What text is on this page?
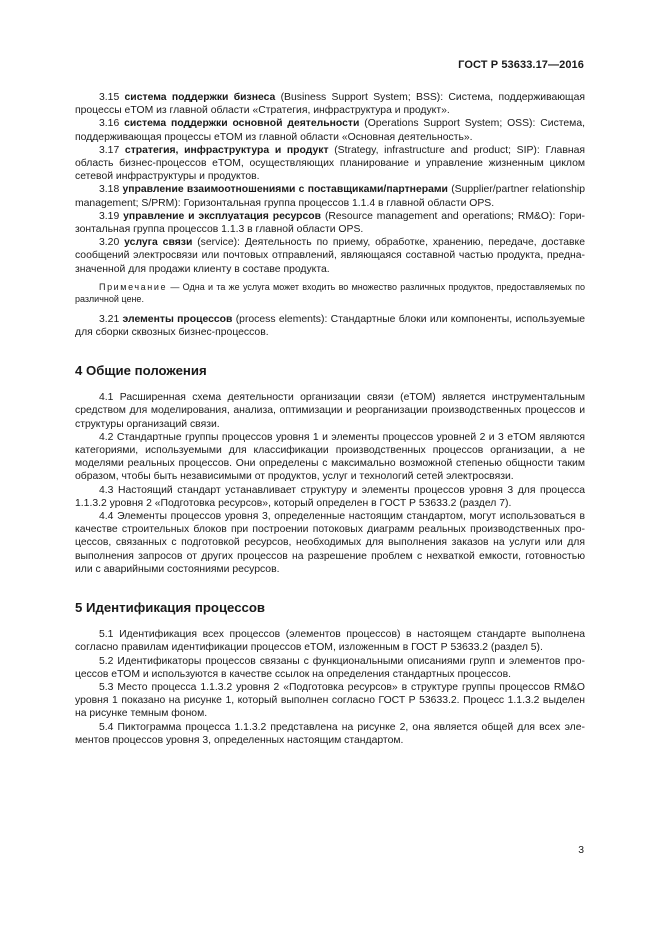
ГОСТ Р 53633.17—2016

3.15 система поддержки бизнеса (Business Support System; BSS): Система, поддерживающая процессы eTOM из главной области «Стратегия, инфраструктура и продукт».

3.16 система поддержки основной деятельности (Operations Support System; OSS): Система, поддерживающая процессы eTOM из главной области «Основная деятельность».

3.17 стратегия, инфраструктура и продукт (Strategy, infrastructure and product; SIP): Главная область бизнес-процессов eTOM, осуществляющих планирование и управление жизненным циклом сетевой инфраструктуры и продуктов.

3.18 управление взаимоотношениями с поставщиками/партнерами (Supplier/partner relationship management; S/PRM): Горизонтальная группа процессов 1.1.4 в главной области OPS.

3.19 управление и эксплуатация ресурсов (Resource management and operations; RM&O): Горизонтальная группа процессов 1.1.3 в главной области OPS.

3.20 услуга связи (service): Деятельность по приему, обработке, хранению, передаче, доставке сообщений электросвязи или почтовых отправлений, являющаяся составной частью продукта, предназначенной для продажи клиенту в составе продукта.

Примечание — Одна и та же услуга может входить во множество различных продуктов, предоставляемых по различной цене.

3.21 элементы процессов (process elements): Стандартные блоки или компоненты, используемые для сборки сквозных бизнес-процессов.

4 Общие положения

4.1 Расширенная схема деятельности организации связи (eTOM) является инструментальным средством для моделирования, анализа, оптимизации и реорганизации производственных процессов и структуры организаций связи.

4.2 Стандартные группы процессов уровня 1 и элементы процессов уровней 2 и 3 eTOM являются категориями, используемыми для классификации производственных процессов организации, а не моделями реальных процессов. Они определены с максимально возможной степенью общности таким образом, чтобы быть независимыми от продуктов, услуг и технологий сетей электросвязи.

4.3 Настоящий стандарт устанавливает структуру и элементы процессов уровня 3 для процесса 1.1.3.2 уровня 2 «Подготовка ресурсов», который определен в ГОСТ Р 53633.2 (раздел 7).

4.4 Элементы процессов уровня 3, определенные настоящим стандартом, могут использоваться в качестве строительных блоков при построении потоковых диаграмм реальных производственных процессов, связанных с подготовкой ресурсов, необходимых для выполнения заказов на услуги или для выполнения запросов от других процессов на разрешение проблем с нехваткой емкости, готовностью или с аварийными состояниями ресурсов.

5 Идентификация процессов

5.1 Идентификация всех процессов (элементов процессов) в настоящем стандарте выполнена согласно правилам идентификации процессов eTOM, изложенным в ГОСТ Р 53633.2 (раздел 5).

5.2 Идентификаторы процессов связаны с функциональными описаниями групп и элементов процессов eTOM и используются в качестве ссылок на определения стандартных процессов.

5.3 Место процесса 1.1.3.2 уровня 2 «Подготовка ресурсов» в структуре группы процессов RM&O уровня 1 показано на рисунке 1, который выполнен согласно ГОСТ Р 53633.2. Процесс 1.1.3.2 выделен на рисунке темным фоном.

5.4 Пиктограмма процесса 1.1.3.2 представлена на рисунке 2, она является общей для всех элементов процессов уровня 3, определенных настоящим стандартом.

3
